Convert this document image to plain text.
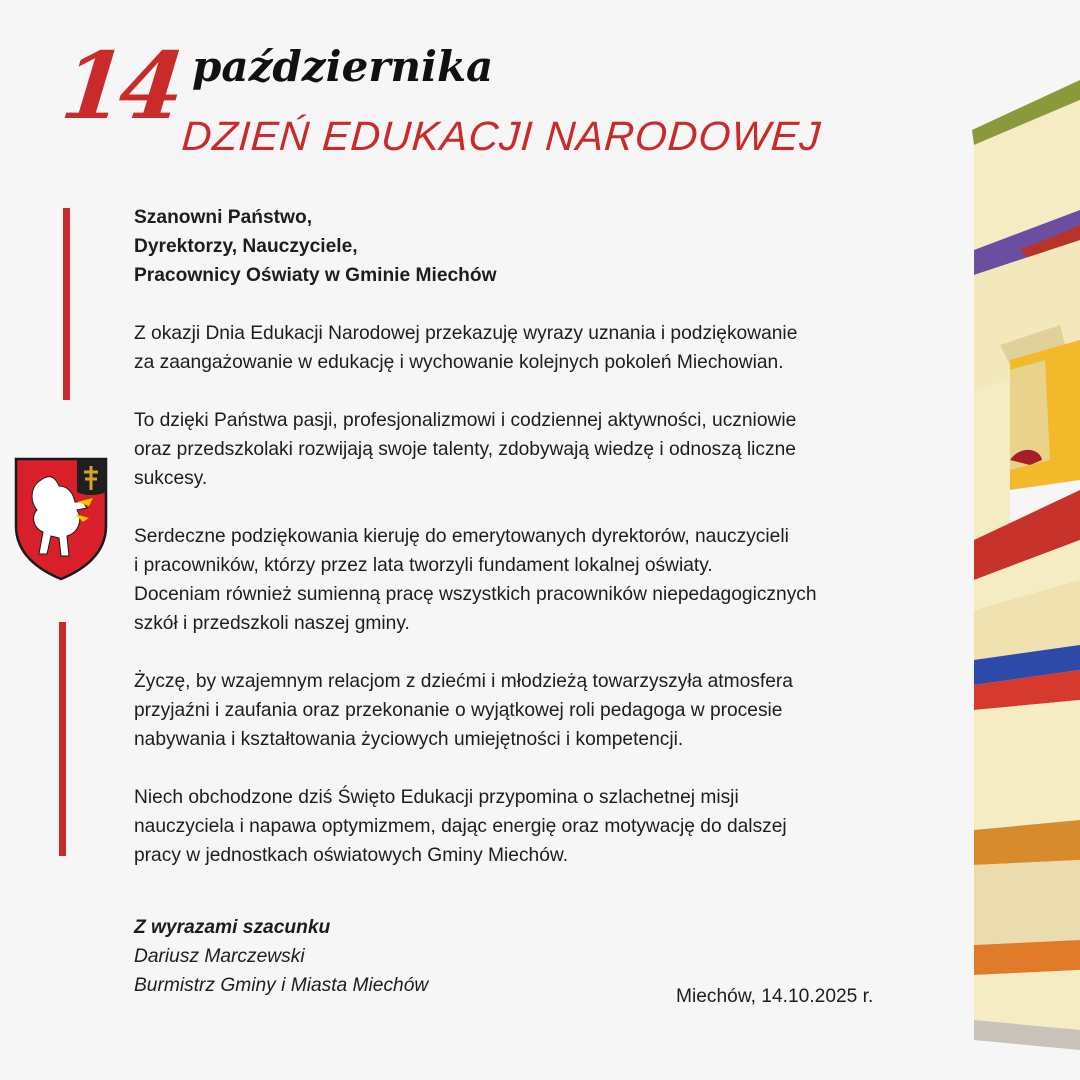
14 października
DZIEŃ EDUKACJI NARODOWEJ

Szanowni Państwo,
Dyrektorzy, Nauczyciele,
Pracownicy Oświaty w Gminie Miechów

Z okazji Dnia Edukacji Narodowej przekazuję wyrazy uznania i podziękowanie
za zaangażowanie w edukację i wychowanie kolejnych pokoleń Miechowian.

To dzięki Państwa pasji, profesjonalizmowi i codziennej aktywności, uczniowie
oraz przedszkolaki rozwijają swoje talenty, zdobywają wiedzę i odnoszą liczne
sukcesy.

Serdeczne podziękowania kieruję do emerytowanych dyrektorów, nauczycieli
i pracowników, którzy przez lata tworzyli fundament lokalnej oświaty.
Doceniam również sumienną pracę wszystkich pracowników niepedagogicznych
szkół i przedszkoli naszej gminy.

Życzę, by wzajemnym relacjom z dziećmi i młodzieżą towarzyszyła atmosfera
przyjaźni i zaufania oraz przekonanie o wyjątkowej roli pedagoga w procesie
nabywania i kształtowania życiowych umiejętności i kompetencji.

Niech obchodzone dziś Święto Edukacji przypomina o szlachetnej misji
nauczyciela i napawa optymizmem, dając energię oraz motywację do dalszej
pracy w jednostkach oświatowych Gminy Miechów.

Z wyrazami szacunku
Dariusz Marczewski
Burmistrz Gminy i Miasta Miechów
Miechów, 14.10.2025 r.
